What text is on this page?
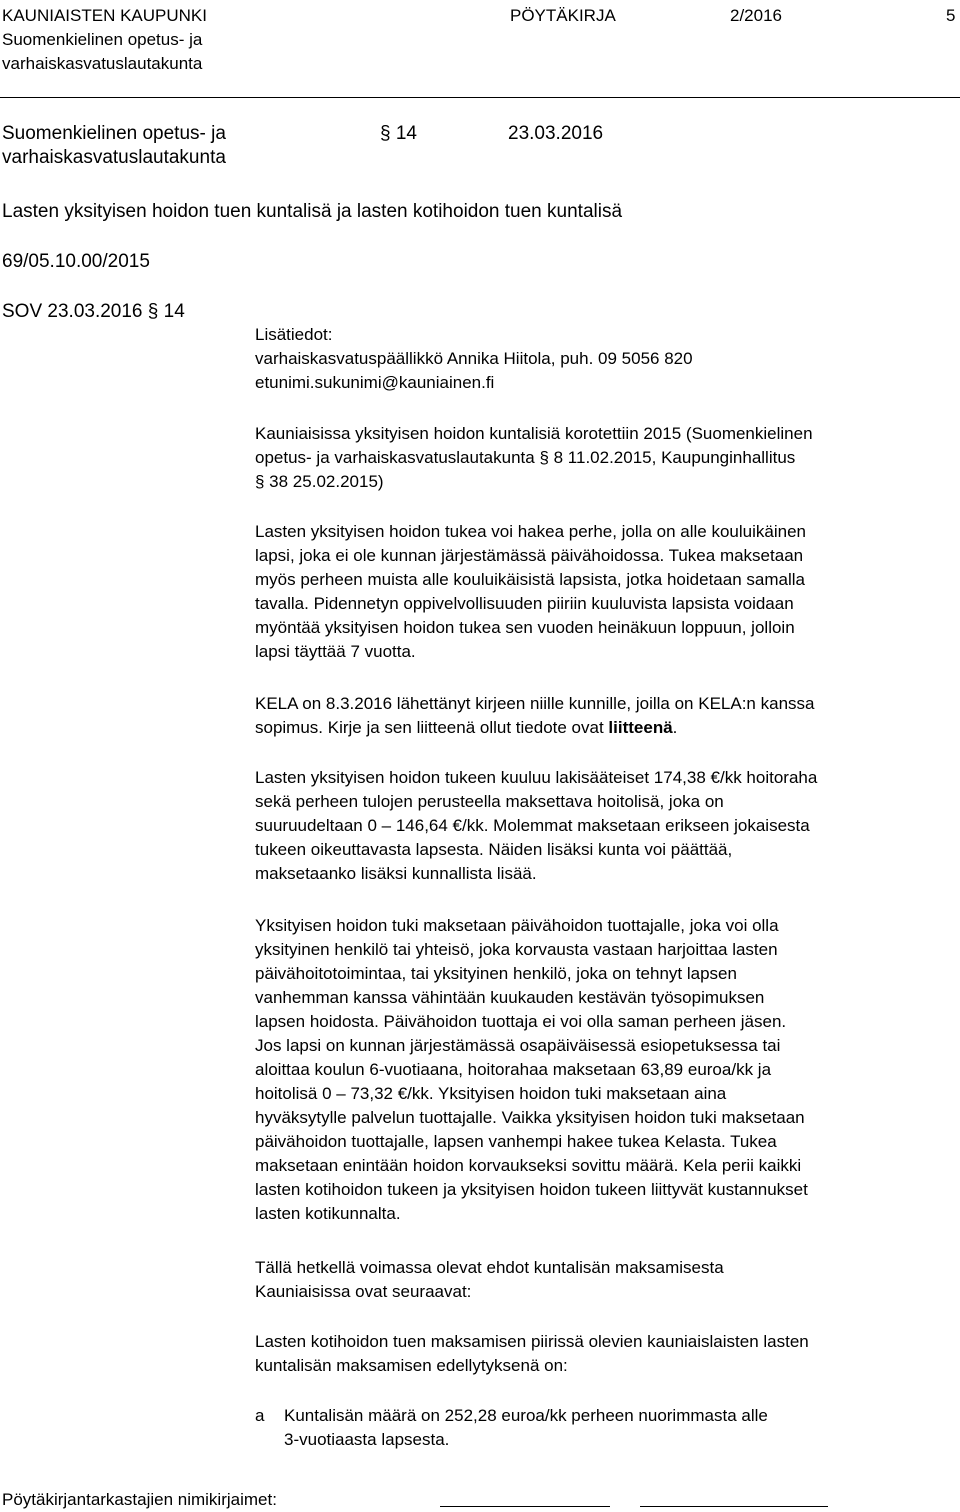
KAUNIAISTEN KAUPUNKI
Suomenkielinen opetus- ja
varhaiskasvatuslautakunta
PÖYTÄKIRJA	2/2016	5
Suomenkielinen opetus- ja
varhaiskasvatuslautakunta
§ 14	23.03.2016
Lasten yksityisen hoidon tuen kuntalisä ja lasten kotihoidon tuen kuntalisä
69/05.10.00/2015
SOV 23.03.2016 § 14

Lisätiedot:

varhaiskasvatuspäällikkö Annika Hiitola, puh. 09 5056 820

etunimi.sukunimi@kauniainen.fi

Kauniaisissa yksityisen hoidon kuntalisiä korotettiin 2015 (Suomenkielinen

opetus- ja varhaiskasvatuslautakunta § 8 11.02.2015, Kaupunginhallitus

§ 38 25.02.2015)

Lasten yksityisen hoidon tukea voi hakea perhe, jolla on alle kouluikäinen

lapsi, joka ei ole kunnan järjestämässä päivähoidossa. Tukea maksetaan

myös perheen muista alle kouluikäisistä lapsista, jotka hoidetaan samalla

tavalla. Pidennetyn oppivelvollisuuden piiriin kuuluvista lapsista voidaan

myöntää yksityisen hoidon tukea sen vuoden heinäkuun loppuun, jolloin

lapsi täyttää 7 vuotta.

KELA on 8.3.2016 lähettänyt kirjeen niille kunnille, joilla on KELA:n kanssa

sopimus. Kirje ja sen liitteenä ollut tiedote ovat liitteenä.

Lasten yksityisen hoidon tukeen kuuluu lakisääteiset 174,38 €/kk hoitoraha

sekä perheen tulojen perusteella maksettava hoitolisä, joka on

suuruudeltaan 0 – 146,64 €/kk. Molemmat maksetaan erikseen jokaisesta

tukeen oikeuttavasta lapsesta. Näiden lisäksi kunta voi päättää,

maksetaanko lisäksi kunnallista lisää.

Yksityisen hoidon tuki maksetaan päivähoidon tuottajalle, joka voi olla

yksityinen henkilö tai yhteisö, joka korvausta vastaan harjoittaa lasten

päivähoitotoimintaa, tai yksityinen henkilö, joka on tehnyt lapsen

vanhemman kanssa vähintään kuukauden kestävän työsopimuksen

lapsen hoidosta. Päivähoidon tuottaja ei voi olla saman perheen jäsen.

Jos lapsi on kunnan järjestämässä osapäiväisessä esiopetuksessa tai

aloittaa koulun 6-vuotiaana, hoitorahaa maksetaan 63,89 euroa/kk ja

hoitolisä 0 – 73,32 €/kk. Yksityisen hoidon tuki maksetaan aina

hyväksytylle palvelun tuottajalle. Vaikka yksityisen hoidon tuki maksetaan

päivähoidon tuottajalle, lapsen vanhempi hakee tukea Kelasta. Tukea

maksetaan enintään hoidon korvaukseksi sovittu määrä. Kela perii kaikki

lasten kotihoidon tukeen ja yksityisen hoidon tukeen liittyvät kustannukset

lasten kotikunnalta.

Tällä hetkellä voimassa olevat ehdot kuntalisän maksamisesta

Kauniaisissa ovat seuraavat:

Lasten kotihoidon tuen maksamisen piirissä olevien kauniaislaisten lasten

kuntalisän maksamisen edellytyksenä on:

a Kuntalisän määrä on 252,28 euroa/kk perheen nuorimmasta alle
3-vuotiaasta lapsesta.
Pöytäkirjantarkastajien nimikirjaimet:
